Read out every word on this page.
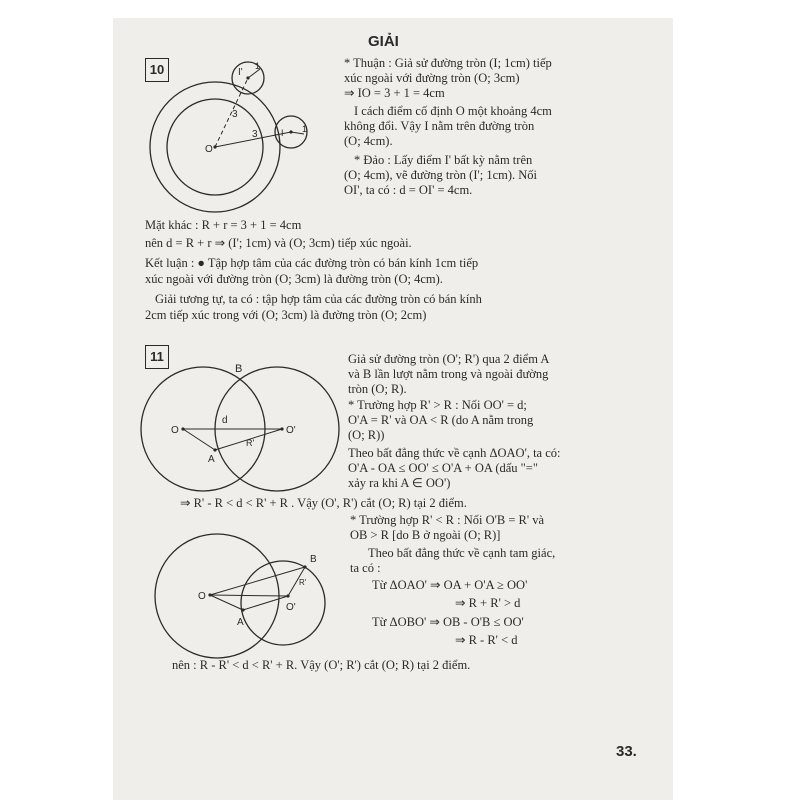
GIẢI
10	I'
1
3
O
3	I 1
* Thuận : Giả sử đường tròn (I; 1cm) tiếp
xúc ngoài với đường tròn (O; 3cm)
⇒ IO = 3 + 1 = 4cm
I cách điểm cố định O một khoảng 4cm
không đổi. Vậy I nằm trên đường tròn
(O; 4cm).
* Đảo : Lấy điểm I' bất kỳ nằm trên
(O; 4cm), vẽ đường tròn (I'; 1cm). Nối
OI', ta có : d = OI' = 4cm.
Mặt khác : R + r = 3 + 1 = 4cm
nên d = R + r ⇒ (I'; 1cm) và (O; 3cm) tiếp xúc ngoài.
Kết luận : ● Tập hợp tâm của các đường tròn có bán kính 1cm tiếp
xúc ngoài với đường tròn (O; 3cm) là đường tròn (O; 4cm).
Giải tương tự, ta có : tập hợp tâm của các đường tròn có bán kính
2cm tiếp xúc trong với (O; 3cm) là đường tròn (O; 2cm)
11
B
O
d
O'
R'
A
B
R'
O
O'
A
Giả sử đường tròn (O'; R') qua 2 điểm A
và B lần lượt nằm trong và ngoài đường
tròn (O; R).
* Trường hợp R' > R : Nối OO' = d;
O'A = R' và OA < R (do A nằm trong
(O; R))
Theo bất đẳng thức về cạnh ΔOAO', ta có:
O'A - OA ≤ OO' ≤ O'A + OA (dấu "="
xảy ra khi A ∈ OO')
⇒ R' - R < d < R' + R . Vậy (O', R') cắt (O; R) tại 2 điểm.
* Trường hợp R' < R : Nối O'B = R' và
OB > R [do B ở ngoài (O; R)]
Theo bất đẳng thức về cạnh tam giác,
ta có :
Từ ΔOAO' ⇒ OA + O'A ≥ OO'
⇒ R + R' > d
Từ ΔOBO' ⇒ OB - O'B ≤ OO'
⇒ R - R' < d
nên : R - R' < d < R' + R. Vậy (O'; R') cắt (O; R) tại 2 điểm.
33.
